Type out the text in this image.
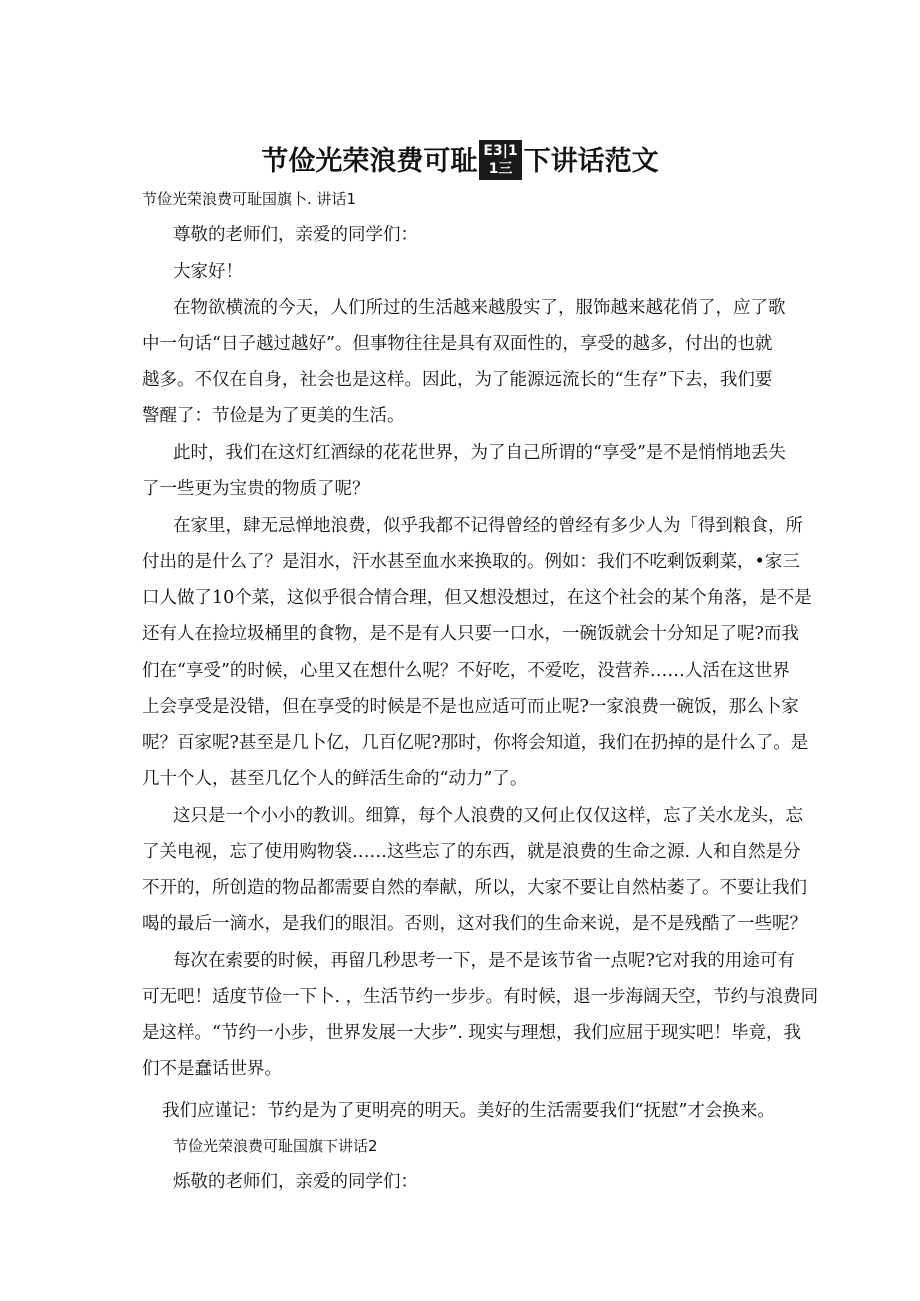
节俭光荣浪费可耻 E3|1
1三 下讲话范文
节俭光荣浪费可耻国旗卜. 讲话1
尊敬的老师们，亲爱的同学们：
大家好！
在物欲横流的今天，人们所过的生活越来越殷实了，服饰越来越花俏了，应了歌
中一句话“日子越过越好”。但事物往往是具有双面性的，享受的越多，付出的也就
越多。不仅在自身，社会也是这样。因此，为了能源远流长的“生存”下去，我们要
警醒了：节俭是为了更美的生活。
此时，我们在这灯红酒绿的花花世界，为了自己所谓的“享受”是不是悄悄地丢失
了一些更为宝贵的物质了呢？
在家里，肆无忌惮地浪费，似乎我都不记得曾经的曾经有多少人为「得到粮食，所
付出的是什么了？是泪水，汗水甚至血水来换取的。例如：我们不吃剩饭剩菜，•家三
口人做了10个菜，这似乎很合情合理，但又想没想过，在这个社会的某个角落，是不是
还有人在捡垃圾桶里的食物，是不是有人只要一口水，一碗饭就会十分知足了呢?而我
们在“享受”的时候，心里又在想什么呢？不好吃，不爱吃，没营养……人活在这世界
上会享受是没错，但在享受的时候是不是也应适可而止呢?一家浪费一碗饭，那么卜家
呢？百家呢?甚至是几卜亿，几百亿呢?那时，你将会知道，我们在扔掉的是什么了。是
几十个人，甚至几亿个人的鲜活生命的“动力”了。
这只是一个小小的教训。细算，每个人浪费的又何止仅仅这样，忘了关水龙头，忘
了关电视，忘了使用购物袋……这些忘了的东西，就是浪费的生命之源. 人和自然是分
不开的，所创造的物品都需要自然的奉献，所以，大家不要让自然枯萎了。不要让我们
喝的最后一滴水，是我们的眼泪。否则，这对我们的生命来说，是不是残酷了一些呢？
每次在索要的时候，再留几秒思考一下，是不是该节省一点呢?它对我的用途可有
可无吧！适度节俭一下卜. ，生活节约一步步。有时候，退一步海阔天空，节约与浪费同
是这样。“节约一小步，世界发展一大步”. 现实与理想，我们应屈于现实吧！毕竟，我
们不是蠢话世界。
我们应谨记：节约是为了更明亮的明天。美好的生活需要我们“抚慰”才会换来。
节俭光荣浪费可耻国旗下讲话2
烁敬的老师们，亲爱的同学们：
